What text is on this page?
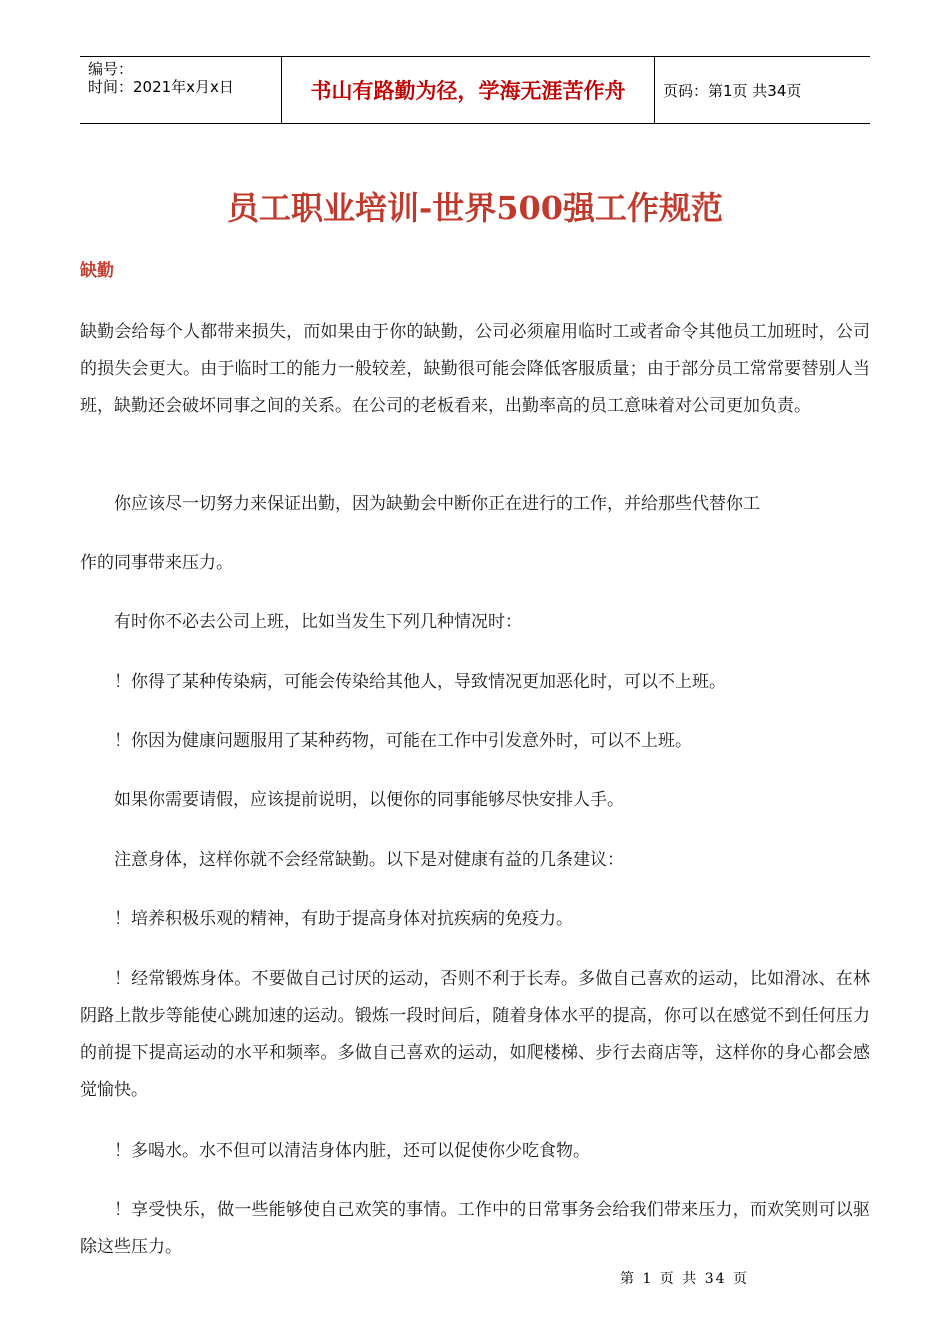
编号：
时间：2021年x月x日	书山有路勤为径，学海无涯苦作舟	页码：第1页 共34页
员工职业培训-世界500强工作规范
缺勤

缺勤会给每个人都带来损失，而如果由于你的缺勤，公司必须雇用临时工或者命令其他员工加班时，公司的损失会更大。由于临时工的能力一般较差，缺勤很可能会降低客服质量；由于部分员工常常要替别人当班，缺勤还会破坏同事之间的关系。在公司的老板看来，出勤率高的员工意味着对公司更加负责。

你应该尽一切努力来保证出勤，因为缺勤会中断你正在进行的工作，并给那些代替你工

作的同事带来压力。

有时你不必去公司上班，比如当发生下列几种情况时：

！你得了某种传染病，可能会传染给其他人，导致情况更加恶化时，可以不上班。

！你因为健康问题服用了某种药物，可能在工作中引发意外时，可以不上班。

如果你需要请假，应该提前说明，以便你的同事能够尽快安排人手。

注意身体，这样你就不会经常缺勤。以下是对健康有益的几条建议：

！培养积极乐观的精神，有助于提高身体对抗疾病的免疫力。

！经常锻炼身体。不要做自己讨厌的运动，否则不利于长寿。多做自己喜欢的运动，比如滑冰、在林阴路上散步等能使心跳加速的运动。锻炼一段时间后，随着身体水平的提高，你可以在感觉不到任何压力的前提下提高运动的水平和频率。多做自己喜欢的运动，如爬楼梯、步行去商店等，这样你的身心都会感觉愉快。

！多喝水。水不但可以清洁身体内脏，还可以促使你少吃食物。

！享受快乐，做一些能够使自己欢笑的事情。工作中的日常事务会给我们带来压力，而欢笑则可以驱除这些压力。

第 1 页 共 34 页
